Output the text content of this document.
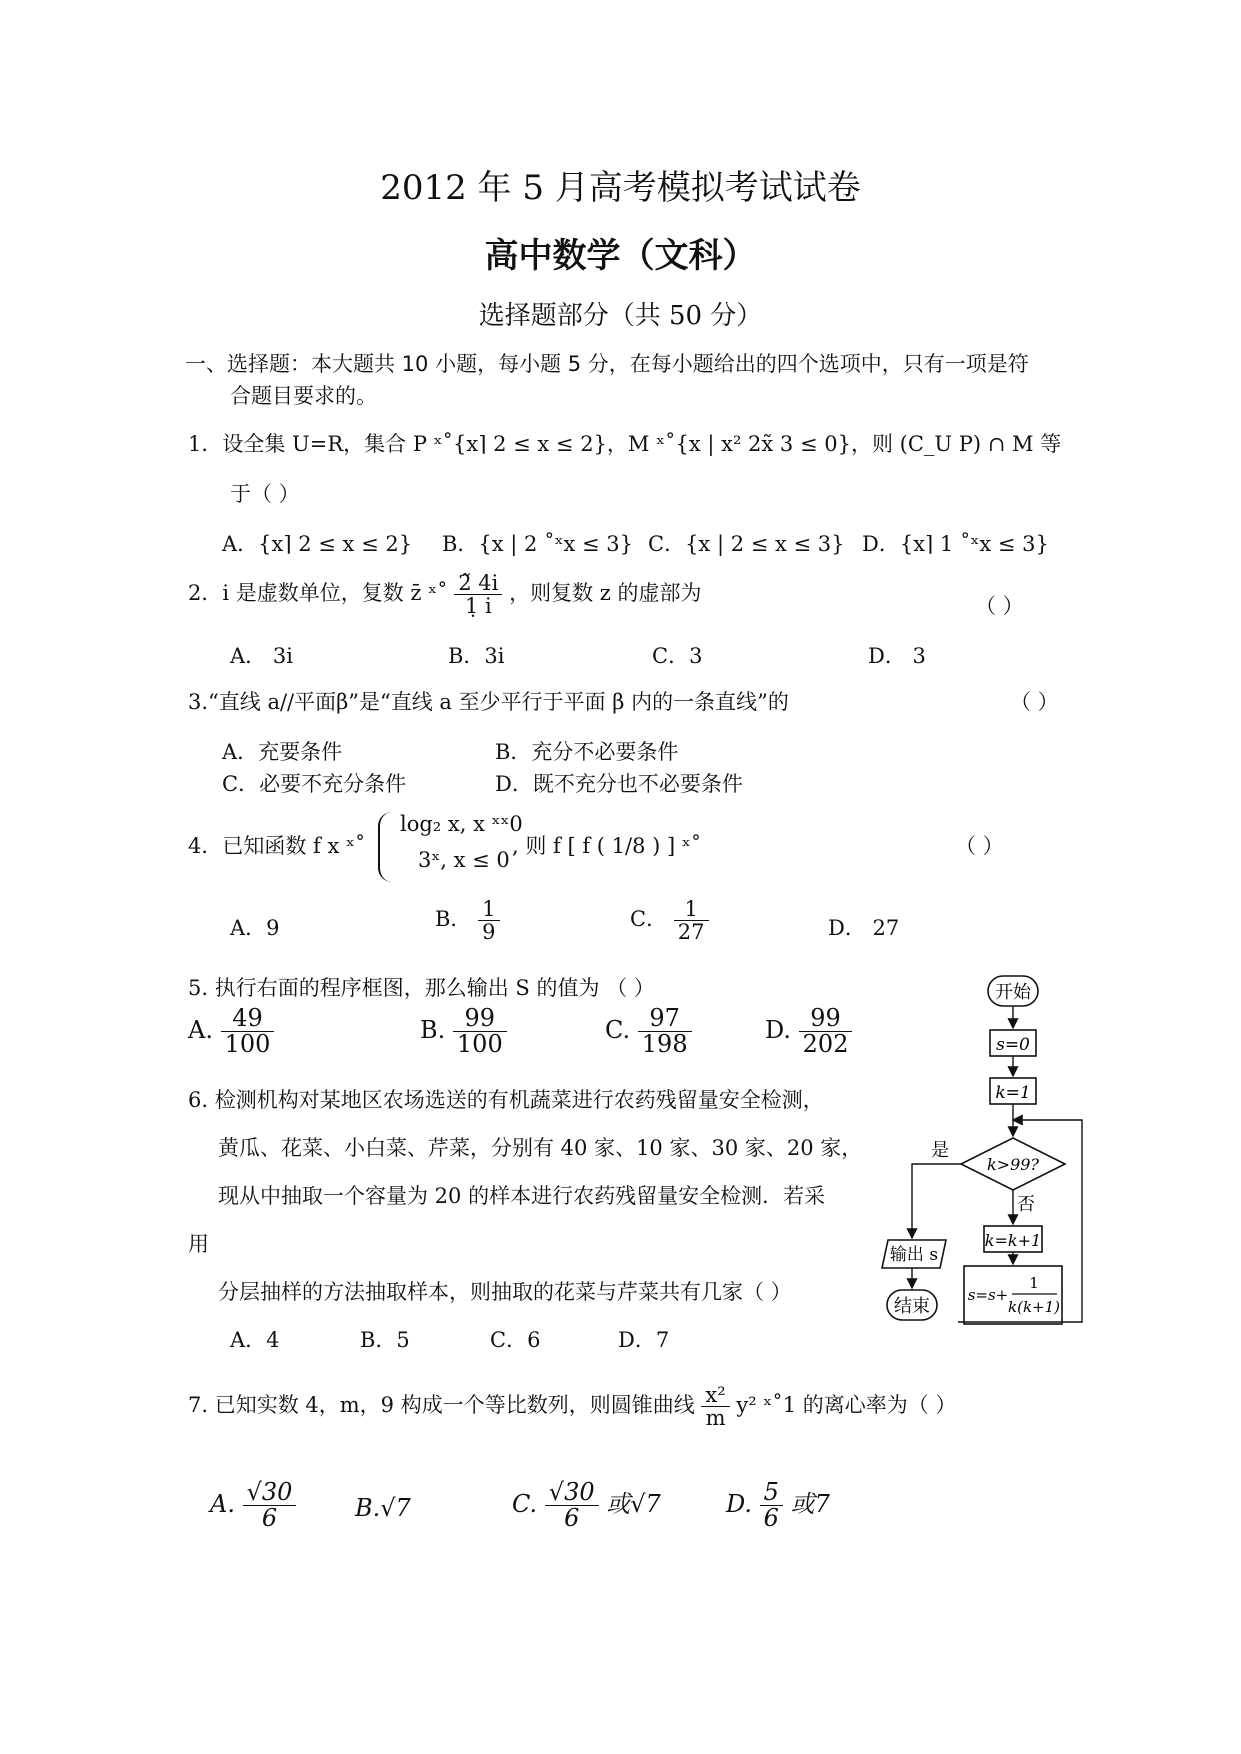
2012 年 5 月高考模拟考试试卷
高中数学（文科）
选择题部分（共 50 分）
一、选择题：本大题共 10 小题，每小题 5 分，在每小题给出的四个选项中，只有一项是符
合题目要求的。
1．设全集 U=R，集合 P ˣ˚{x⌉ 2 ≤ x ≤ 2}，M ˣ˚{x | x² 2x̃ 3 ≤ 0}，则 (C_U P) ∩ M 等
于（ ）
A．{x⌉ 2 ≤ x ≤ 2} B．{x | 2 ˚ˣx ≤ 3} C．{x | 2 ≤ x ≤ 3} D．{x⌉ 1 ˚ˣx ≤ 3}
2．i 是虚数单位，复数 z̄ ˣ˚ $\frac{2̃ 4i}{1̣ i}$ ，则复数 z 的虚部为
（ ）
A． 3i	B．3i	C．3	D． 3
3.“直线 a//平面β”是“直线 a 至少平行于平面 β 内的一条直线”的	（ ）
A．充要条件	B．充分不必要条件
C．必要不充分条件	D．既不充分也不必要条件
4．已知函数 f x ˣ˚
log₂ x, x ˣˣ0
3ˣ, x ≤ 0
, 则 f [ f ( 1/8 ) ] ˣ˚	（ ）
A．9	B． $\frac{1}{9}$	C． $\frac{1}{27}$	D． 27
5. 执行右面的程序框图，那么输出 S 的值为 （ ）
A. $\frac{49}{100}$	B. $\frac{99}{100}$	C. $\frac{97}{198}$	D. $\frac{99}{202}$
6. 检测机构对某地区农场选送的有机蔬菜进行农药残留量安全检测，
黄瓜、花菜、小白菜、芹菜，分别有 40 家、10 家、30 家、20 家，
现从中抽取一个容量为 20 的样本进行农药残留量安全检测．若采
用
分层抽样的方法抽取样本，则抽取的花菜与芹菜共有几家（ ）
A．4	B．5	C．6	D．7
开始
s=0
k=1
k>99?
是
否
k=k+1
s=s+
1
k(k+1)
输出 s
结束
7. 已知实数 4，m，9 构成一个等比数列，则圆锥曲线 $\frac{\text{x²}}{m} y^2$ ˣ˚1 的离心率为（ ）
A. $\frac{√30}{6} B.√7$	C. $\frac{√30}{6}$ 或√7	D. $\frac{5}{6}$ 或7
